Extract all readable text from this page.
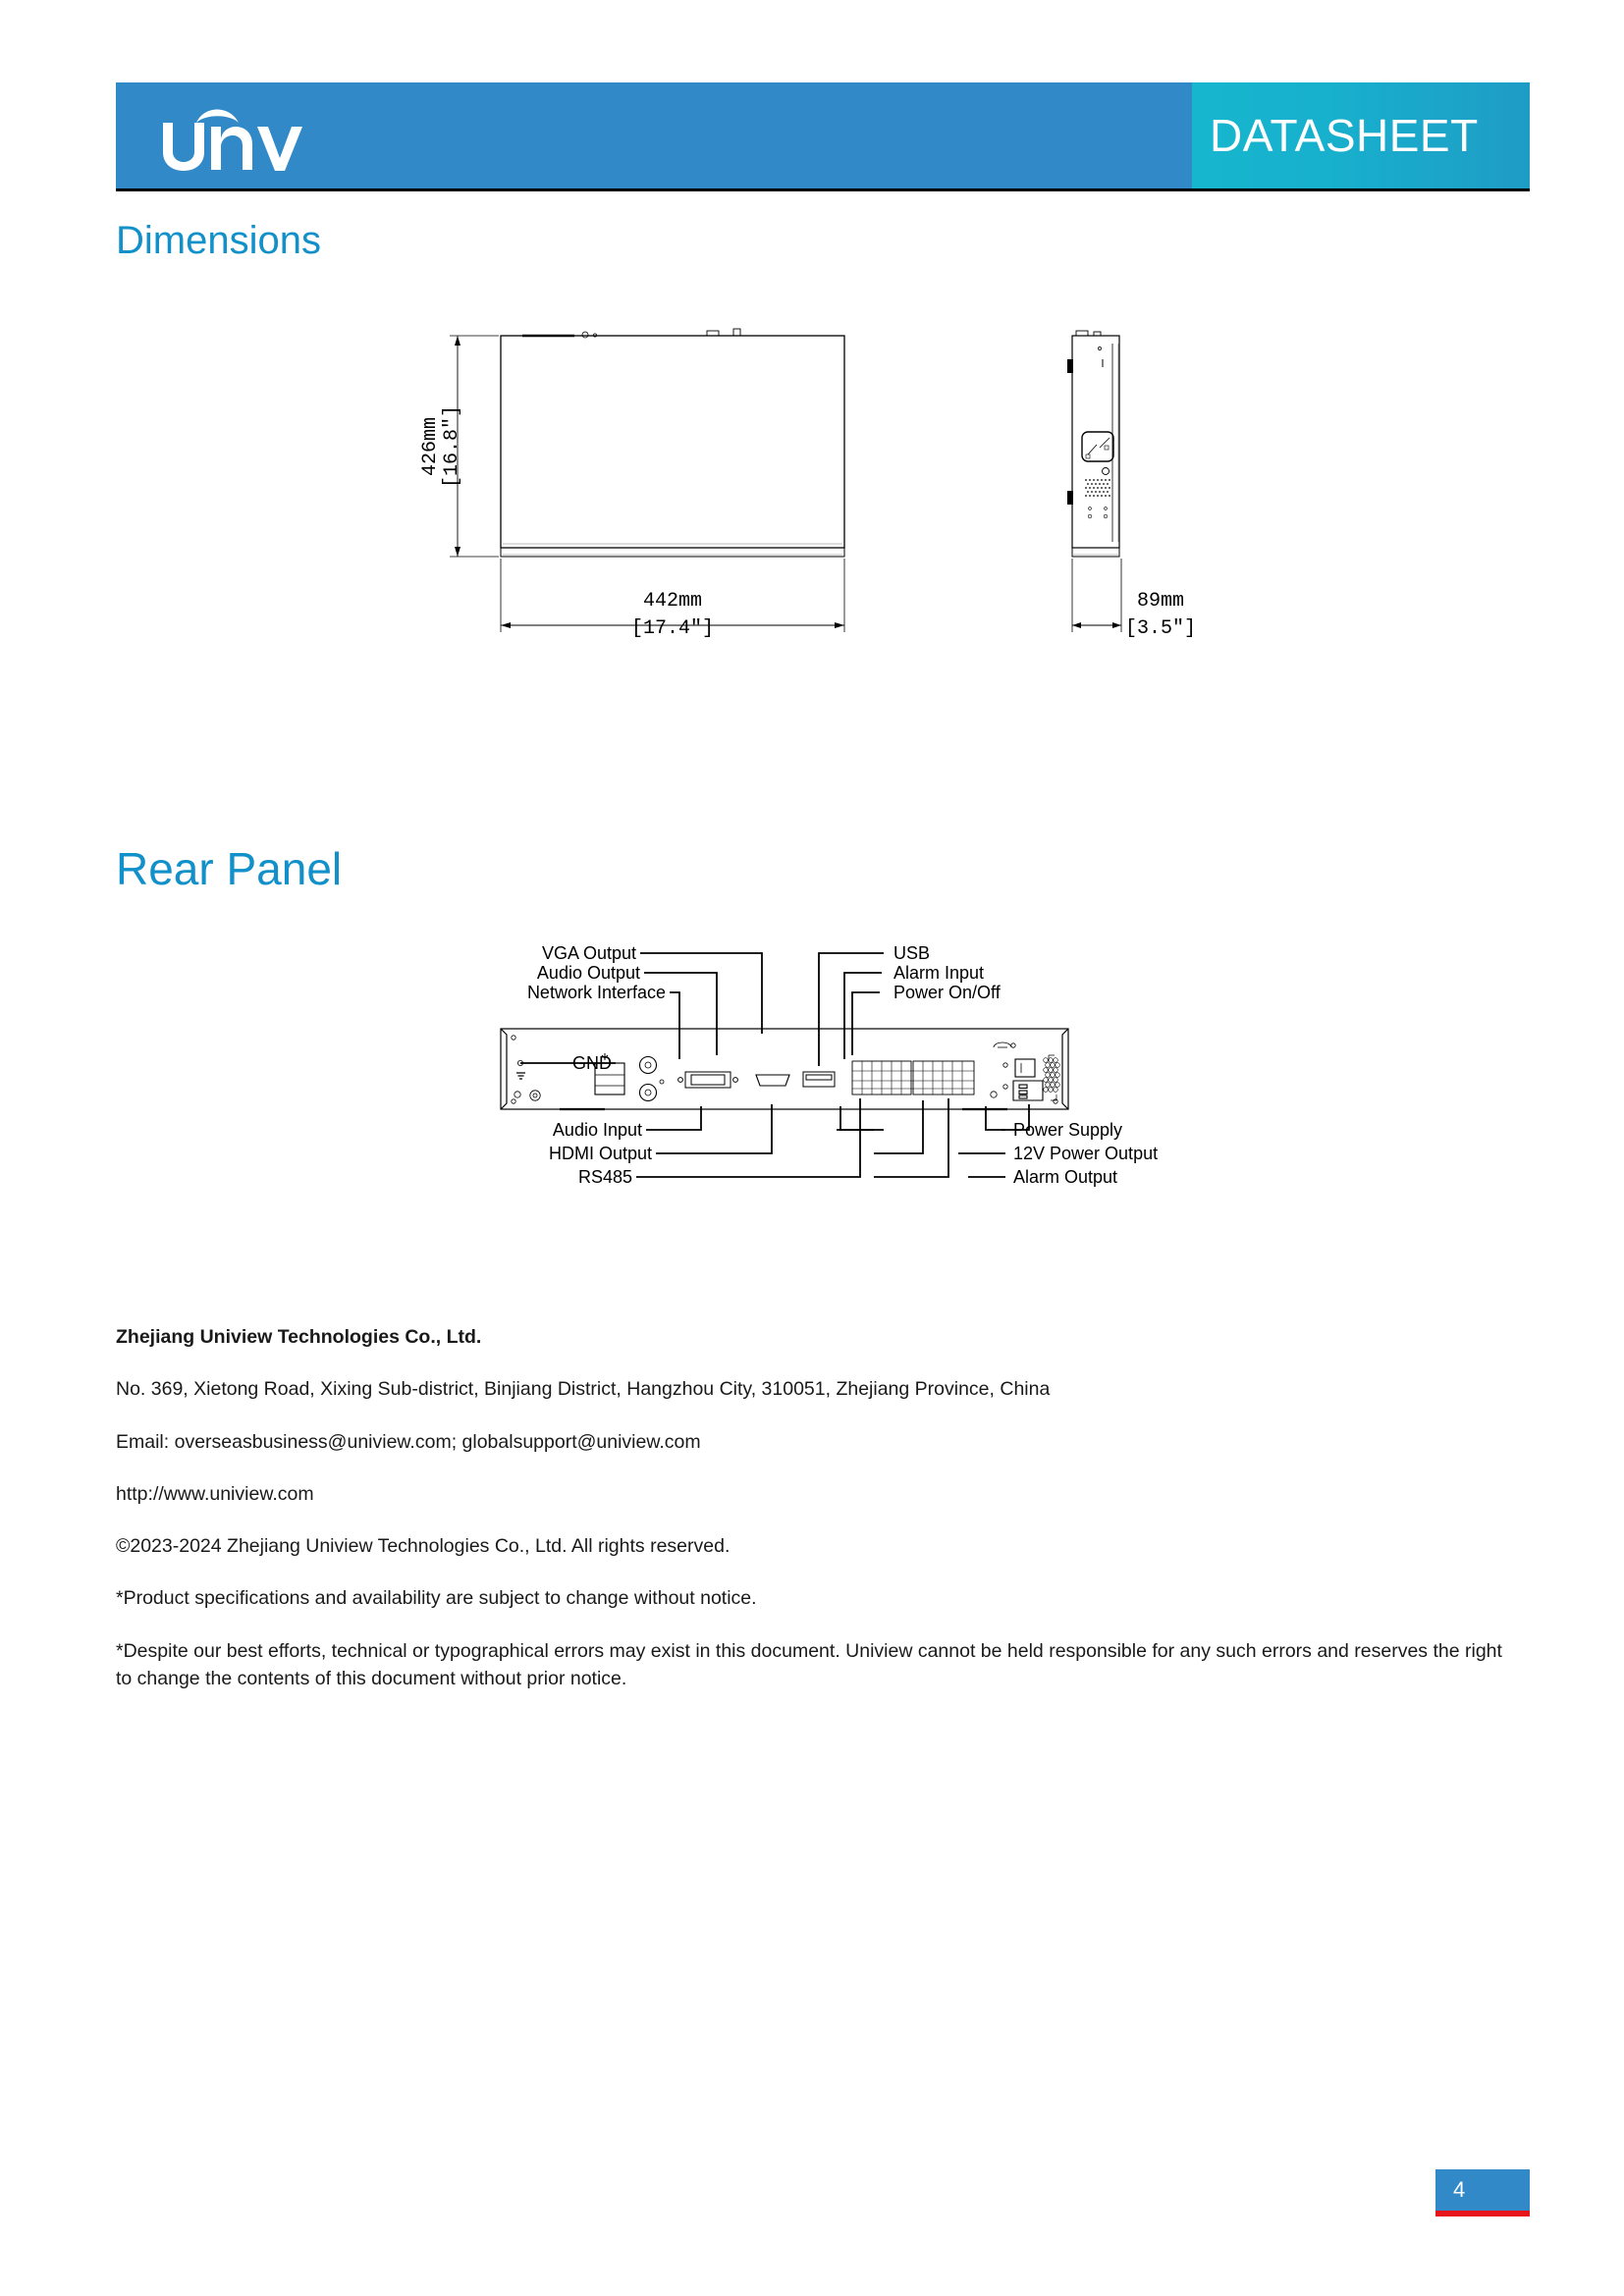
DATASHEET
Dimensions
426mm [16.8"]
442mm
[17.4"]
89mm
[3.5"]
Rear Panel
VGA Output
Audio Output
Network Interface
GND
USB
Alarm Input
Power On/Off
Audio Input
HDMI Output
RS485
Power Supply
12V Power Output
Alarm Output

Zhejiang Uniview Technologies Co., Ltd.

No. 369, Xietong Road, Xixing Sub-district, Binjiang District, Hangzhou City, 310051, Zhejiang Province, China

Email: overseasbusiness@uniview.com; globalsupport@uniview.com

http://www.uniview.com

©2023-2024 Zhejiang Uniview Technologies Co., Ltd. All rights reserved.

*Product specifications and availability are subject to change without notice.

*Despite our best efforts, technical or typographical errors may exist in this document. Uniview cannot be held responsible for any such errors and reserves the right to change the contents of this document without prior notice.

4
